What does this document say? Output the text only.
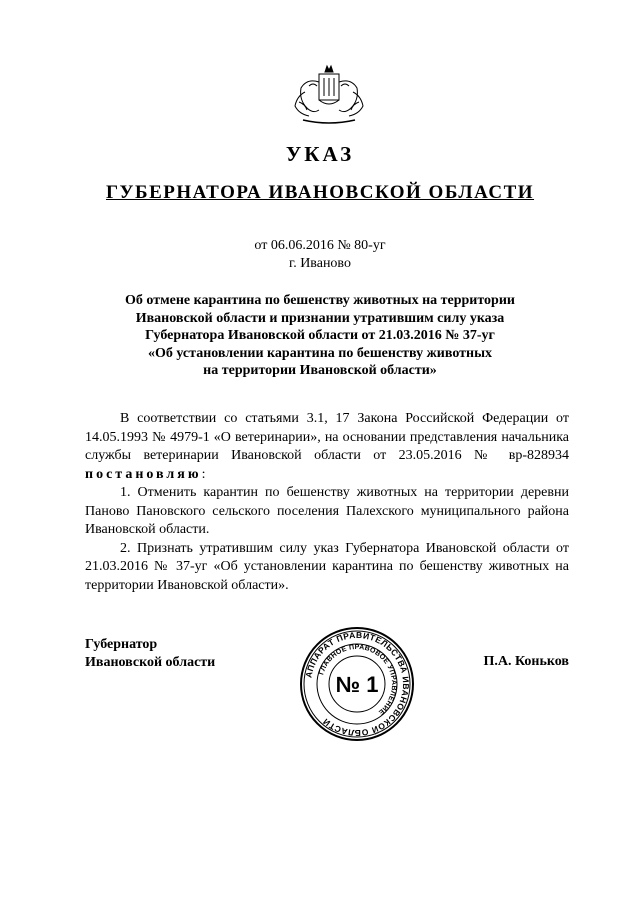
УКАЗ
ГУБЕРНАТОРА ИВАНОВСКОЙ ОБЛАСТИ
от 06.06.2016 № 80-уг
г. Иваново
Об отмене карантина по бешенству животных на территории
Ивановской области и признании утратившим силу указа
Губернатора Ивановской области от 21.03.2016 № 37-уг
«Об установлении карантина по бешенству животных
на территории Ивановской области»

В соответствии со статьями 3.1, 17 Закона Российской Федерации от 14.05.1993 № 4979-1 «О ветеринарии», на основании представления начальника службы ветеринарии Ивановской области от 23.05.2016 № вр-828934 постановляю:

1. Отменить карантин по бешенству животных на территории деревни Паново Пановского сельского поселения Палехского муниципального района Ивановской области.

2. Признать утратившим силу указ Губернатора Ивановской области от 21.03.2016 № 37-уг «Об установлении карантина по бешенству животных на территории Ивановской области».

Губернатор
Ивановской области	П.А. Коньков
АППАРАТ ПРАВИТЕЛЬСТВА ИВАНОВСКОЙ ОБЛАСТИ
ГЛАВНОЕ ПРАВОВОЕ УПРАВЛЕНИЕ
№ 1
